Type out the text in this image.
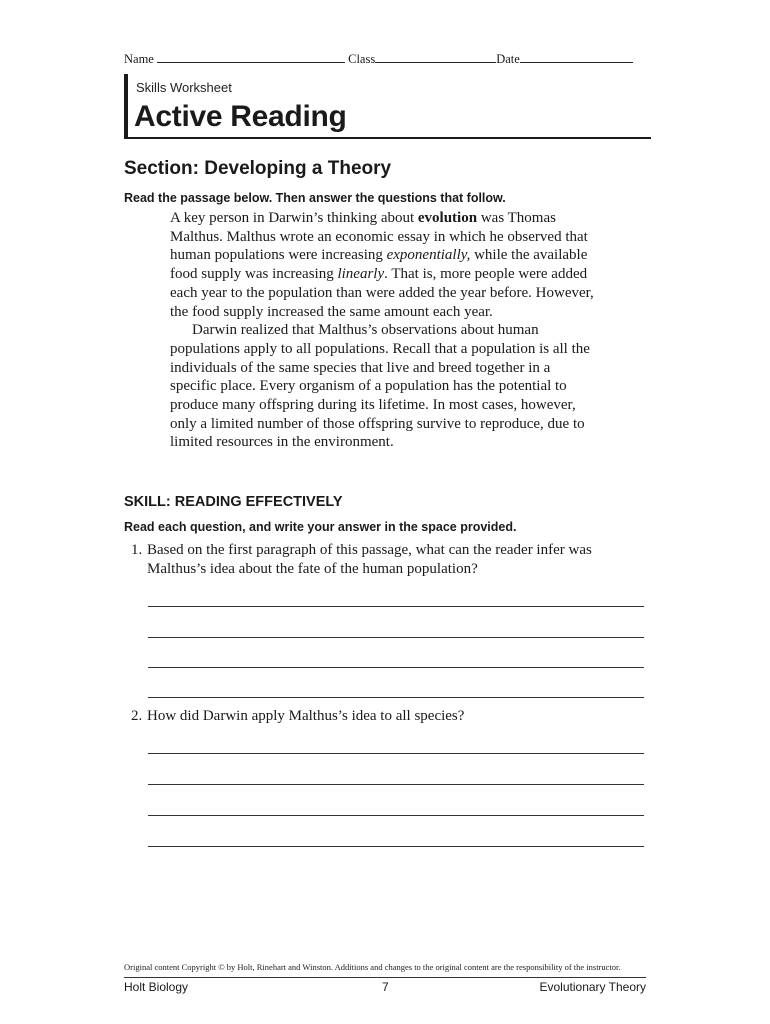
Name	Class	Date
Skills Worksheet
Active Reading
Section: Developing a Theory
Read the passage below. Then answer the questions that follow.

A key person in Darwin’s thinking about evolution was Thomas Malthus. Malthus wrote an economic essay in which he observed that human populations were increasing exponentially, while the available food supply was increasing linearly. That is, more people were added each year to the population than were added the year before. However, the food supply increased the same amount each year.

Darwin realized that Malthus’s observations about human populations apply to all populations. Recall that a population is all the individuals of the same species that live and breed together in a specific place. Every organism of a population has the potential to produce many offspring during its lifetime. In most cases, however, only a limited number of those offspring survive to reproduce, due to limited resources in the environment.

SKILL: READING EFFECTIVELY
Read each question, and write your answer in the space provided.
1. Based on the first paragraph of this passage, what can the reader infer was
Malthus’s idea about the fate of the human population?
2. How did Darwin apply Malthus’s idea to all species?
Original content Copyright © by Holt, Rinehart and Winston. Additions and changes to the original content are the responsibility of the instructor.
Holt Biology	7	Evolutionary Theory
